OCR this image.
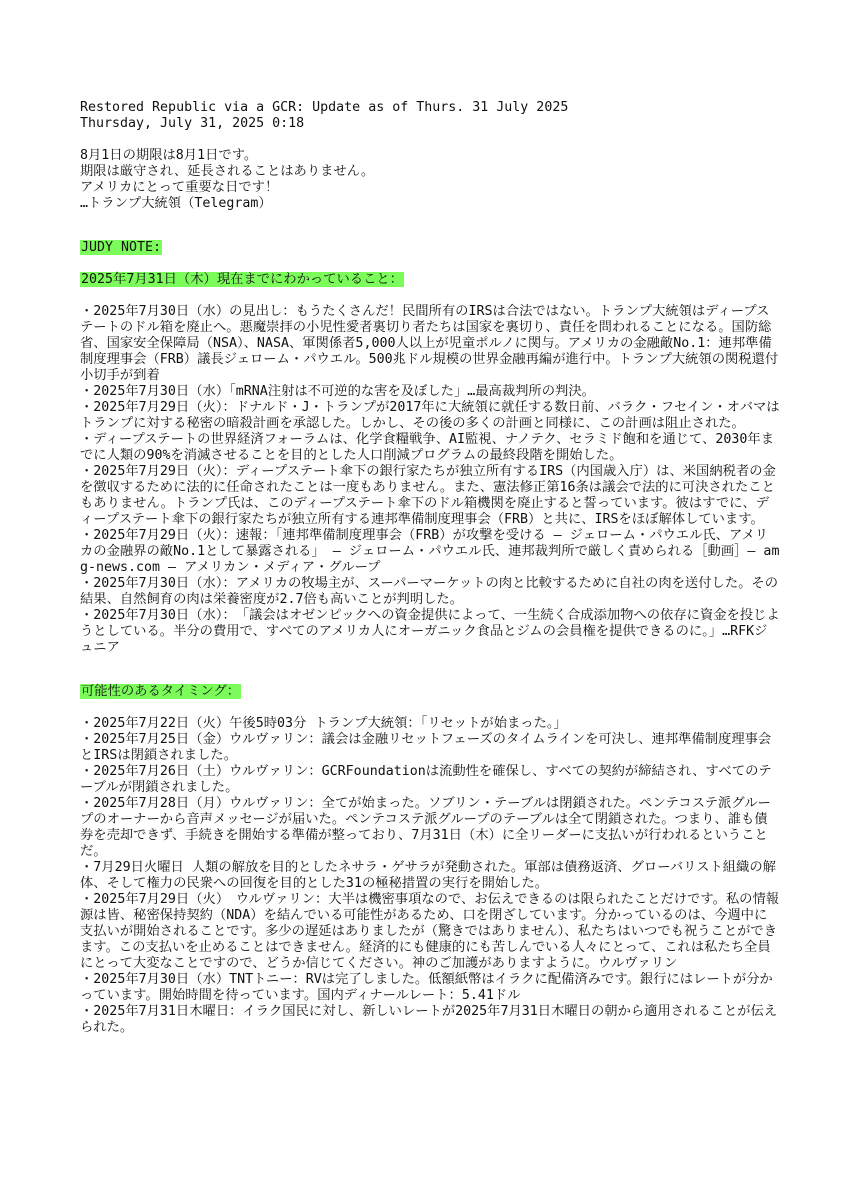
Restored Republic via a GCR: Update as of Thurs. 31 July 2025
Thursday, July 31, 2025 0:18
8月1日の期限は8月1日です。
期限は厳守され、延長されることはありません。
アメリカにとって重要な日です！
…トランプ大統領（Telegram）
JUDY NOTE:
2025年7月31日（木）現在までにわかっていること：
・2025年7月30日（水）の見出し：もうたくさんだ！民間所有のIRSは合法ではない。トランプ大統領はディープステートのドル箱を廃止へ。悪魔崇拝の小児性愛者裏切り者たちは国家を裏切り、責任を問われることになる。国防総省、国家安全保障局（NSA）、NASA、軍関係者5,000人以上が児童ポルノに関与。アメリカの金融敵No.1：連邦準備制度理事会（FRB）議長ジェローム・パウエル。500兆ドル規模の世界金融再編が進行中。トランプ大統領の関税還付小切手が到着
・2025年7月30日（水）「mRNA注射は不可逆的な害を及ぼした」…最高裁判所の判決。
・2025年7月29日（火）：ドナルド・J・トランプが2017年に大統領に就任する数日前、バラク・フセイン・オバマはトランプに対する秘密の暗殺計画を承認した。しかし、その後の多くの計画と同様に、この計画は阻止された。
・ディープステートの世界経済フォーラムは、化学食糧戦争、AI監視、ナノテク、セラミド飽和を通じて、2030年までに人類の90%を消滅させることを目的とした人口削減プログラムの最終段階を開始した。
・2025年7月29日（火）：ディープステート傘下の銀行家たちが独立所有するIRS（内国歳入庁）は、米国納税者の金を徴収するために法的に任命されたことは一度もありません。また、憲法修正第16条は議会で法的に可決されたこともありません。トランプ氏は、このディープステート傘下のドル箱機関を廃止すると誓っています。彼はすでに、ディープステート傘下の銀行家たちが独立所有する連邦準備制度理事会（FRB）と共に、IRSをほぼ解体しています。
・2025年7月29日（火）：速報：「連邦準備制度理事会（FRB）が攻撃を受ける ― ジェローム・パウエル氏、アメリカの金融界の敵No.1として暴露される」 ― ジェローム・パウエル氏、連邦裁判所で厳しく責められる［動画］― amg-news.com ― アメリカン・メディア・グループ
・2025年7月30日（水）：アメリカの牧場主が、スーパーマーケットの肉と比較するために自社の肉を送付した。その結果、自然飼育の肉は栄養密度が2.7倍も高いことが判明した。
・2025年7月30日（水）：　「議会はオゼンピックへの資金提供によって、一生続く合成添加物への依存に資金を投じようとしている。半分の費用で、すべてのアメリカ人にオーガニック食品とジムの会員権を提供できるのに。」…RFKジュニア
可能性のあるタイミング：
・2025年7月22日（火）午後5時03分 トランプ大統領：「リセットが始まった。」
・2025年7月25日（金）ウルヴァリン：議会は金融リセットフェーズのタイムラインを可決し、連邦準備制度理事会とIRSは閉鎖されました。
・2025年7月26日（土）ウルヴァリン：GCRFoundationは流動性を確保し、すべての契約が締結され、すべてのテーブルが閉鎖されました。
・2025年7月28日（月）ウルヴァリン：全てが始まった。ソブリン・テーブルは閉鎖された。ペンテコステ派グループのオーナーから音声メッセージが届いた。ペンテコステ派グループのテーブルは全て閉鎖された。つまり、誰も債券を売却できず、手続きを開始する準備が整っており、7月31日（木）に全リーダーに支払いが行われるということだ。
・7月29日火曜日 人類の解放を目的としたネサラ・ゲサラが発動された。軍部は債務返済、グローバリスト組織の解体、そして権力の民衆への回復を目的とした31の極秘措置の実行を開始した。
・2025年7月29日（火）　ウルヴァリン：大半は機密事項なので、お伝えできるのは限られたことだけです。私の情報源は皆、秘密保持契約（NDA）を結んでいる可能性があるため、口を閉ざしています。分かっているのは、今週中に支払いが開始されることです。多少の遅延はありましたが（驚きではありません）、私たちはいつでも祝うことができます。この支払いを止めることはできません。経済的にも健康的にも苦しんでいる人々にとって、これは私たち全員にとって大変なことですので、どうか信じてください。神のご加護がありますように。ウルヴァリン
・2025年7月30日（水）TNTトニー：RVは完了しました。低額紙幣はイラクに配備済みです。銀行にはレートが分かっています。開始時間を待っています。国内ディナールレート：5.41ドル
・2025年7月31日木曜日：イラク国民に対し、新しいレートが2025年7月31日木曜日の朝から適用されることが伝えられた。
